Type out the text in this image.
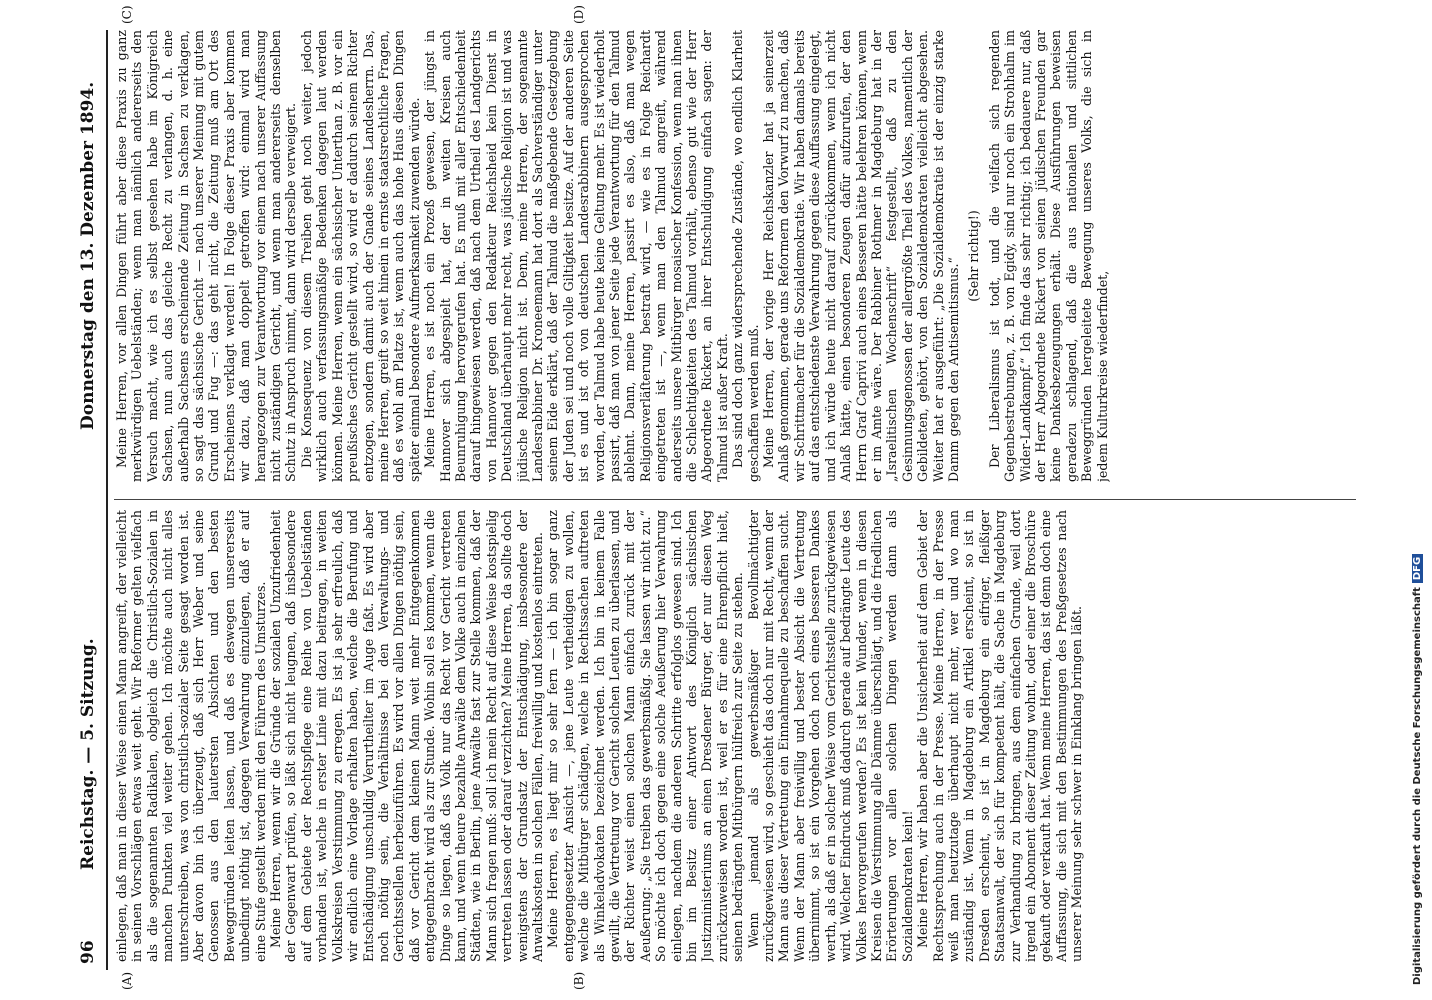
96
Reichstag. — 5. Sitzung.
Donnerstag den 13. Dezember 1894.
(A)	(B)
(C)	(D)

einlegen, daß man in dieser Weise einen Mann angreift, der vielleicht in seinen Vorschlägen etwas weit geht. Wir Reformer gelten vielfach als die sogenannten Radikalen, obgleich die Christlich-Sozialen in manchen Punkten viel weiter gehen. Ich möchte auch nicht alles unterschreiben, was von christlich-sozialer Seite gesagt worden ist. Aber davon bin ich überzeugt, daß sich Herr Weber und seine Genossen aus den lautersten Absichten und den besten Beweggründen leiten lassen, und daß es deswegen unsererseits unbedingt nöthig ist, dagegen Verwahrung einzulegen, daß er auf eine Stufe gestellt werden mit den Führern des Umsturzes. Meine Herren, wenn wir die Gründe der sozialen Unzufriedenheit der Gegenwart prüfen, so läßt sich nicht leugnen, daß insbesondere auf dem Gebiete der Rechtspflege eine Reihe von Uebelständen vorhanden ist, welche in erster Linie mit dazu beitragen, in weiten Volkskreisen Verstimmung zu erregen. Es ist ja sehr erfreulich, daß wir endlich eine Vorlage erhalten haben, welche die Berufung und Entschädigung unschuldig Verurtheilter im Auge faßt. Es wird aber noch nöthig sein, die Verhältnisse bei den Verwaltungs- und Gerichtsstellen herbeizuführen. Es wird vor allen Dingen nöthig sein, daß vor Gericht dem kleinen Mann weit mehr Entgegenkommen entgegenbracht wird als zur Stunde. Wohin soll es kommen, wenn die Dinge so liegen, daß das Volk nur das Recht vor Gericht vertreten kann, und wenn theure bezahlte Anwälte dem Volke auch in einzelnen Städten, wie in Berlin, jene Anwälte fast zur Stelle kommen, daß der Mann sich fragen muß: soll ich mein Recht auf diese Weise kostspielig vertreten lassen oder darauf verzichten? Meine Herren, da sollte doch wenigstens der Grundsatz der Entschädigung, insbesondere der Anwaltskosten in solchen Fällen, freiwillig und kostenlos eintreten. Meine Herren, es liegt mir so sehr fern — ich bin sogar ganz entgegengesetzter Ansicht —, jene Leute vertheidigen zu wollen, welche die Mitbürger schädigen, welche in Rechtssachen auftreten als Winkeladvokaten bezeichnet werden. Ich bin in keinem Falle gewillt, die Vertretung vor Gericht solchen Leuten zu überlassen, und der Richter weist einen solchen Mann einfach zurück mit der Aeußerung: „Sie treiben das gewerbsmäßig. Sie lassen wir nicht zu.“ So möchte ich doch gegen eine solche Aeußerung hier Verwahrung einlegen, nachdem die anderen Schritte erfolglos gewesen sind. Ich bin im Besitz einer Antwort des Königlich sächsischen Justizministeriums an einen Dresdener Bürger, der nur diesen Weg zurückzuweisen worden ist, weil er es für eine Ehrenpflicht hielt, seinen bedrängten Mitbürgern hülfreich zur Seite zu stehen. Wenn jemand als gewerbsmäßiger Bevollmächtigter zurückgewiesen wird, so geschieht das doch nur mit Recht, wenn der Mann aus dieser Vertretung ein Einnahmequelle zu beschaffen sucht. Wenn der Mann aber freiwillig und bester Absicht die Vertretung übernimmt, so ist ein Vorgehen doch noch eines besseren Dankes werth, als daß er in solcher Weise vom Gerichtsstelle zurückgewiesen wird. Welcher Eindruck muß dadurch gerade auf bedrängte Leute des Volkes hervorgerufen werden? Es ist kein Wunder, wenn in diesen Kreisen die Verstimmung alle Dämme überschlägt, und die friedlichen Erörterungen vor allen solchen Dingen werden dann als Sozialdemokraten kein! Meine Herren, wir haben aber die Unsicherheit auf dem Gebiet der Rechtssprechung auch in der Presse. Meine Herren, in der Presse weiß man heutzutage überhaupt nicht mehr, wer und wo man zuständig ist. Wenn in Magdeburg ein Artikel erscheint, so ist in Dresden erscheint, so ist in Magdeburg ein eifriger, fleißiger Staatsanwalt, der sich für kompetent hält, die Sache in Magdeburg zur Verhandlung zu bringen, aus dem einfachen Grunde, weil dort irgend ein Abonnent dieser Zeitung wohnt, oder einer die Broschüre gekauft oder verkauft hat. Wenn meine Herren, das ist denn doch eine Auffassung, die sich mit den Bestimmungen des Preßgesetzes nach unserer Meinung sehr schwer in Einklang bringen läßt.

Meine Herren, vor allen Dingen führt aber diese Praxis zu ganz merkwürdigen Uebelständen; wenn man nämlich andererseits den Versuch macht, wie ich es selbst gesehen habe im Königreich Sachsen, nun auch das gleiche Recht zu verlangen, d. h. eine außerhalb Sachsens erscheinende Zeitung in Sachsen zu verklagen, so sagt das sächsische Gericht — nach unserer Meinung mit gutem Grund und Fug —: das geht nicht, die Zeitung muß am Ort des Erscheinens verklagt werden! In Folge dieser Praxis aber kommen wir dazu, daß man doppelt getroffen wird: einmal wird man herangezogen zur Verantwortung vor einem nach unserer Auffassung nicht zuständigen Gericht, und wenn man andererseits denselben Schutz in Anspruch nimmt, dann wird derselbe verweigert. Die Konsequenz von diesem Treiben geht noch weiter, jedoch wirklich auch verfassungsmäßige Bedenken dagegen laut werden können. Meine Herren, wenn ein sächsischer Unterthan z. B. vor ein preußisches Gericht gestellt wird, so wird er dadurch seinem Richter entzogen, sondern damit auch der Gnade seines Landesherrn. Das, meine Herren, greift so weit hinein in ernste staatsrechtliche Fragen, daß es wohl am Platze ist, wenn auch das hohe Haus diesen Dingen später einmal besondere Aufmerksamkeit zuwenden würde. Meine Herren, es ist noch ein Prozeß gewesen, der jüngst in Hannover sich abgespielt hat, der in weiten Kreisen auch Beunruhigung hervorgerufen hat. Es muß mit aller Entschiedenheit darauf hingewiesen werden, daß nach dem Urtheil des Landgerichts von Hannover gegen den Redakteur Reichsheid kein Dienst in Deutschland überhaupt mehr recht, was jüdische Religion ist und was jüdische Religion nicht ist. Denn, meine Herren, der sogenannte Landesrabbiner Dr. Kroneemann hat dort als Sachverständiger unter seinem Eide erklärt, daß der Talmud die maßgebende Gesetzgebung der Juden sei und noch volle Giltigkeit besitze. Auf der anderen Seite ist es und ist oft von deutschen Landesrabbinern ausgesprochen worden, der Talmud habe heute keine Geltung mehr. Es ist wiederholt passirt, daß man von jener Seite jede Verantwortung für den Talmud ablehnt. Dann, meine Herren, passirt es also, daß man wegen Religionsverläſterung bestraft wird, — wie es in Folge Reichardt eingetreten ist —, wenn man den Talmud angreift, während anderseits unsere Mitbürger mosaischer Konfession, wenn man ihnen die Schlechtigkeiten des Talmud vorhält, ebenso gut wie der Herr Abgeordnete Rickert, an ihrer Entschuldigung einfach sagen: der Talmud ist außer Kraft. Das sind doch ganz widersprechende Zustände, wo endlich Klarheit geschaffen werden muß. Meine Herren, der vorige Herr Reichskanzler hat ja seinerzeit Anlaß genommen, gerade uns Reformern den Vorwurf zu machen, daß wir Schrittmacher für die Sozialdemokratie. Wir haben damals bereits auf das entschiedenste Verwahrung gegen diese Auffassung eingelegt, und ich würde heute nicht darauf zurückkommen, wenn ich nicht Anlaß hätte, einen besonderen Zeugen dafür aufzurufen, der den Herrn Graf Caprivi auch eines Besseren hätte belehren können, wenn er im Amte wäre. Der Rabbiner Rothmer in Magdeburg hat in der „Israelitischen Wochenschrift“ festgestellt, daß zu den Gesinnungsgenossen der allergrößte Theil des Volkes, namentlich der Gebildeten, gehört, von den Sozialdemokraten vielleicht abgesehen. Weiter hat er ausgeführt: „Die Sozialdemokratie ist der einzig starke Damm gegen den Antisemitismus.“

(Sehr richtig!) Der Liberalismus ist todt, und die vielfach sich regenden Gegenbestrebungen, z. B. von Egidy, sind nur noch ein Strohhalm im Wider-Landkampf.“ Ich finde das sehr richtig; ich bedauere nur, daß der Herr Abgeordnete Rickert von seinen jüdischen Freunden gar keine Dankesbezeugungen erhält. Diese Ausführungen beweisen geradezu schlagend, daß die aus nationalen und sittlichen Beweggründen hergeleitete Bewegung unseres Volks, die sich in jedem Kulturkreise wiederfindet,

Digitalisierung gefördert durch die Deutsche ForschungsgemeinschaftDFG
